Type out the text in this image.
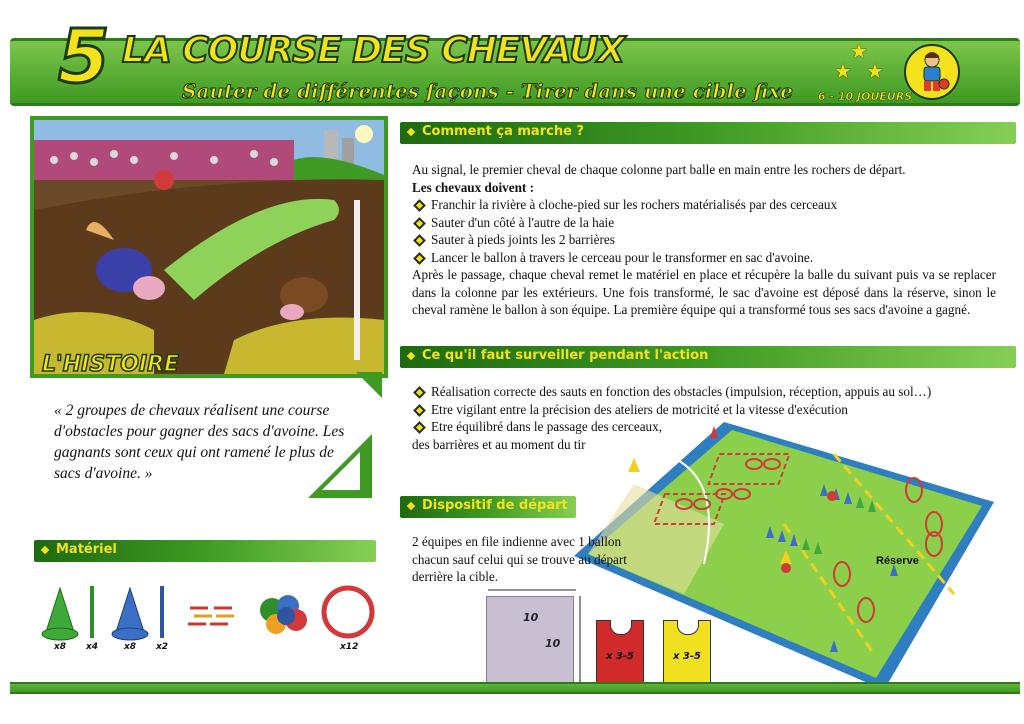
5 LA COURSE DES CHEVAUX
Sauter de différentes façons - Tirer dans une cible fixe
★
★ ★
6 - 10 JOUEURS
L'HISTOIRE
« 2 groupes de chevaux réalisent une course d'obstacles pour gagner des sacs d'avoine. Les gagnants sont ceux qui ont ramené le plus de sacs d'avoine. »
Comment ça marche ?
Au signal, le premier cheval de chaque colonne part balle en main entre les rochers de départ.
Les chevaux doivent :
Franchir la rivière à cloche-pied sur les rochers matérialisés par des cerceaux
Sauter d'un côté à l'autre de la haie
Sauter à pieds joints les 2 barrières
Lancer le ballon à travers le cerceau pour le transformer en sac d'avoine.
Après le passage, chaque cheval remet le matériel en place et récupère la balle du suivant puis va se replacer dans la colonne par les extérieurs. Une fois transformé, le sac d'avoine est déposé dans la réserve, sinon le cheval ramène le ballon à son équipe. La première équipe qui a transformé tous ses sacs d'avoine a gagné.
Ce qu'il faut surveiller pendant l'action
Réalisation correcte des sauts en fonction des obstacles (impulsion, réception, appuis au sol…)
Etre vigilant entre la précision des ateliers de motricité et la vitesse d'exécution
Etre équilibré dans le passage des cerceaux,
des barrières et au moment du tir
Réserve
Dispositif de départ
2 équipes en file indienne avec 1 ballon
chacun sauf celui qui se trouve au départ
derrière la cible.
10
10
x 3-5	x 3-5
Matériel
x8 x4	x8 x2	x12
